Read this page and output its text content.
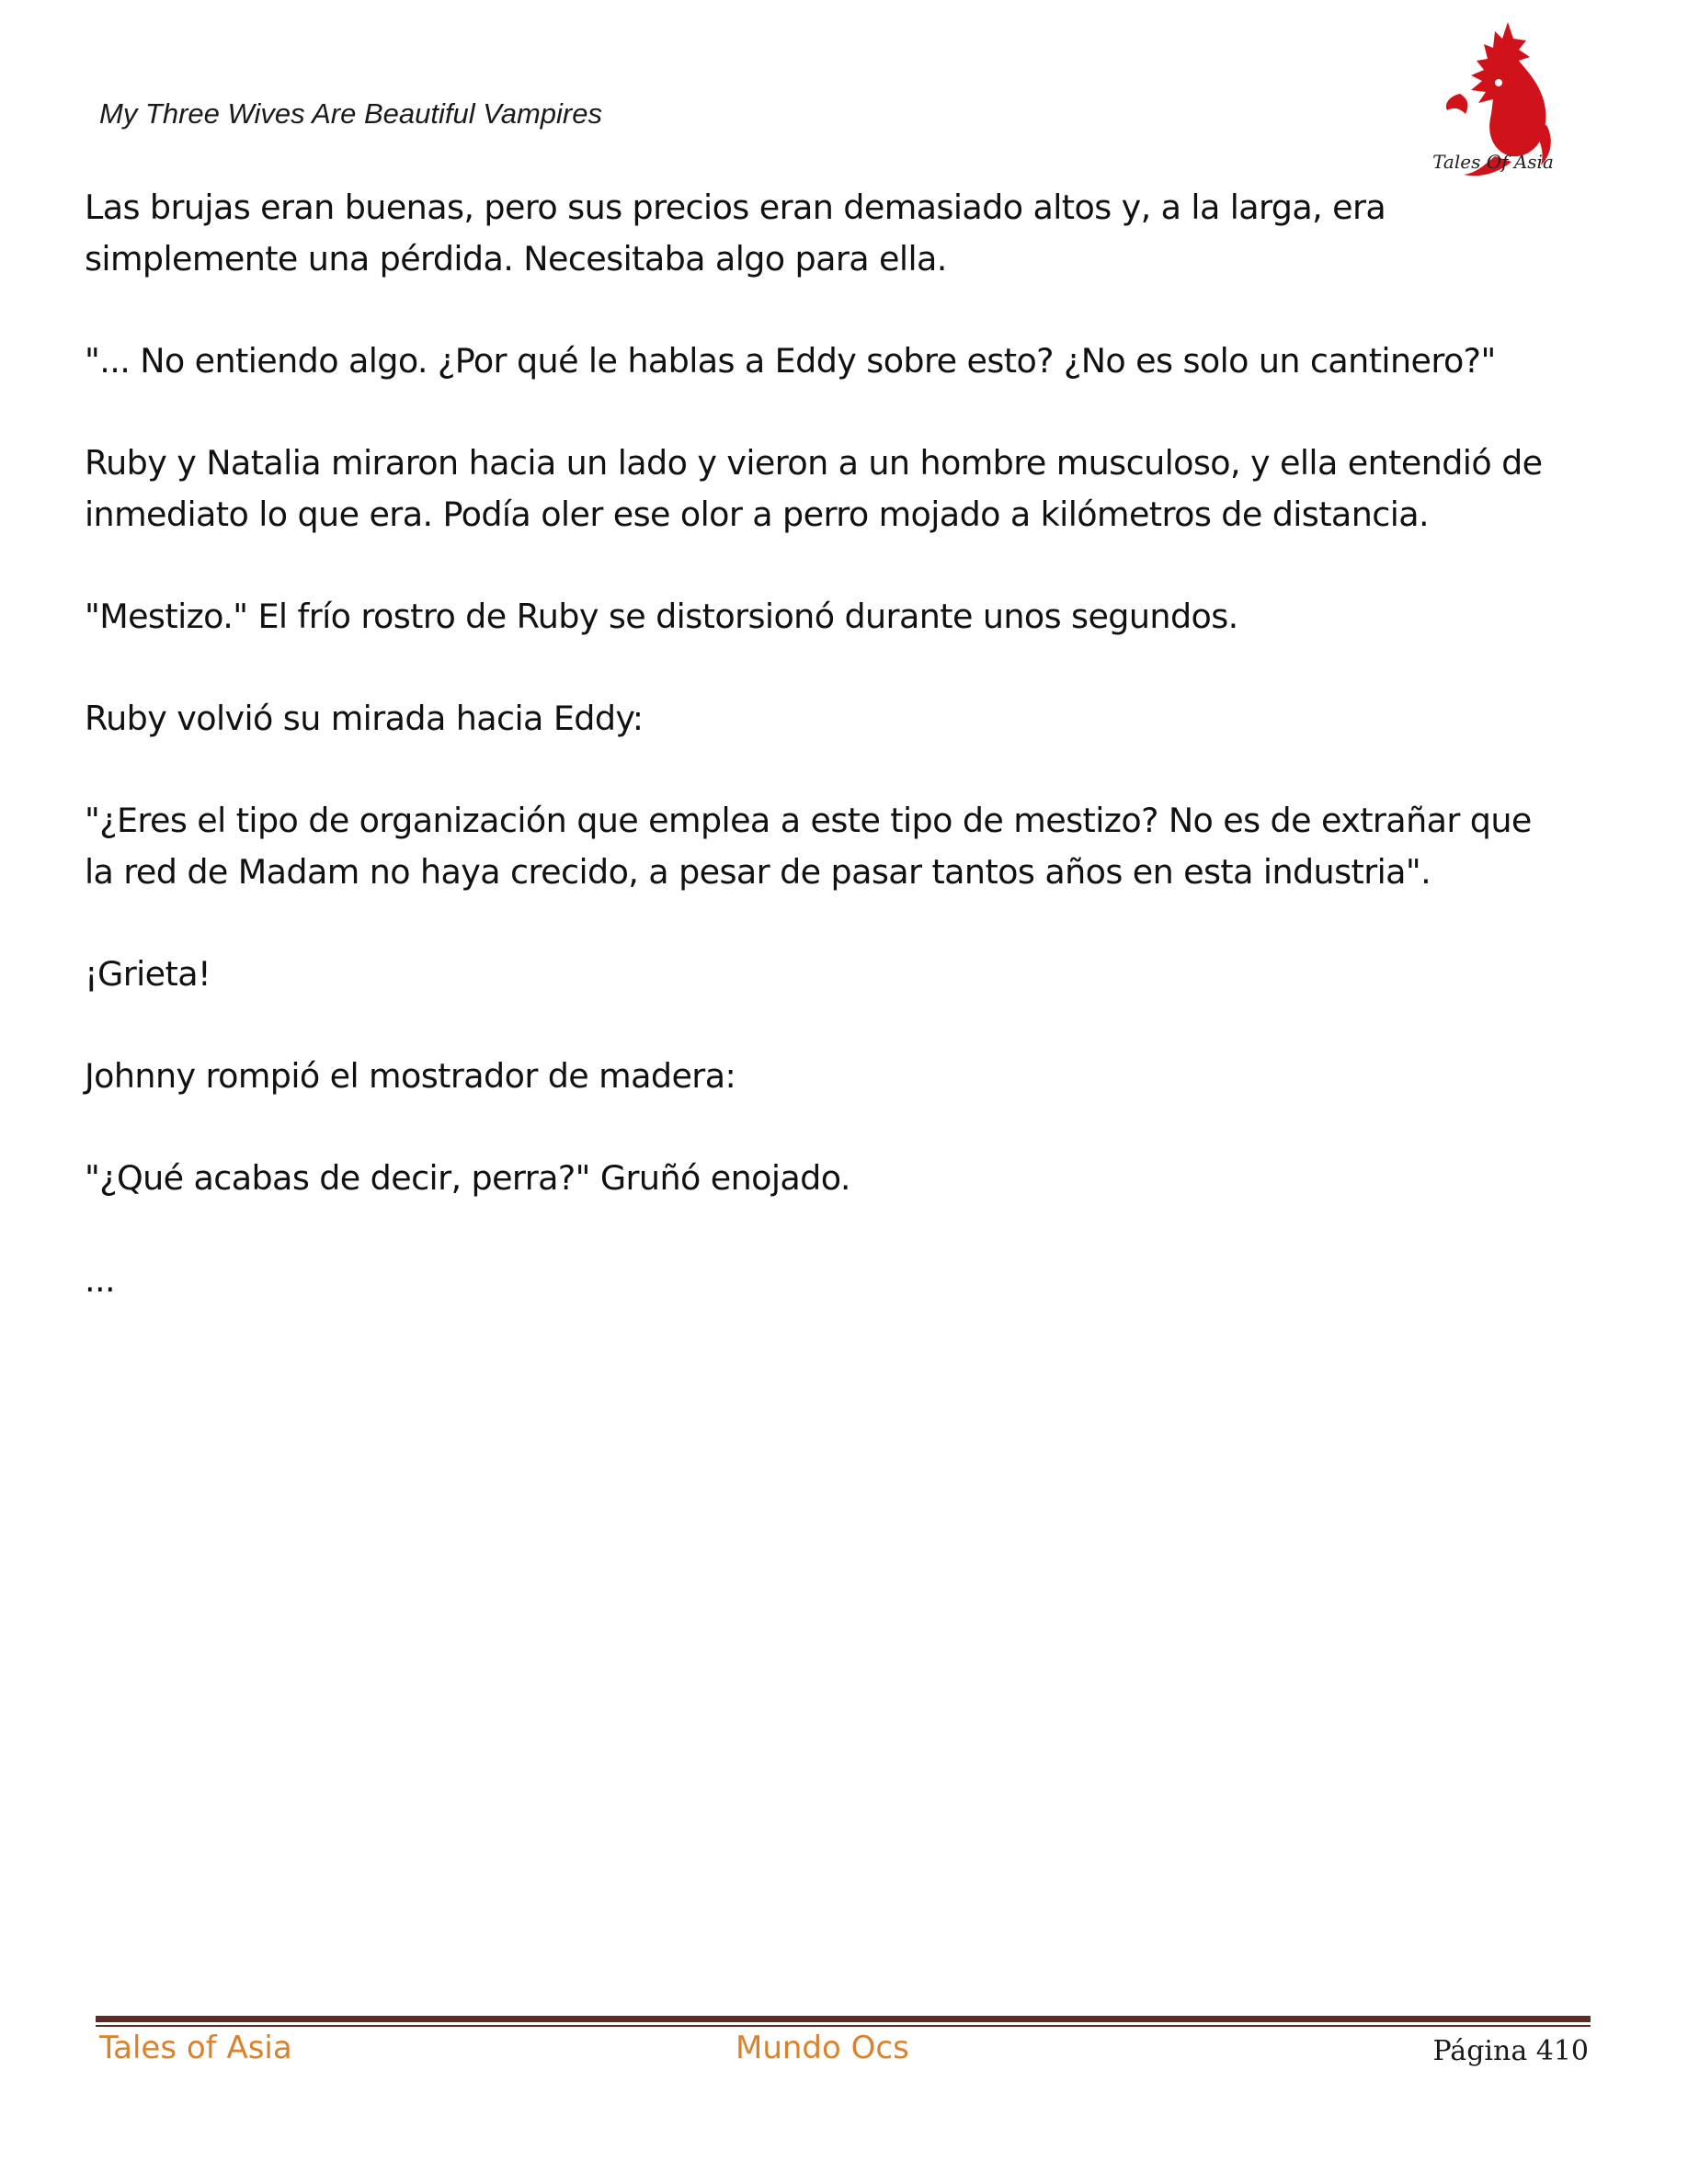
My Three Wives Are Beautiful Vampires
Tales Of Asia

Las brujas eran buenas, pero sus precios eran demasiado altos y, a la larga, era
simplemente una pérdida. Necesitaba algo para ella.

"... No entiendo algo. ¿Por qué le hablas a Eddy sobre esto? ¿No es solo un cantinero?"

Ruby y Natalia miraron hacia un lado y vieron a un hombre musculoso, y ella entendió de
inmediato lo que era. Podía oler ese olor a perro mojado a kilómetros de distancia.

"Mestizo." El frío rostro de Ruby se distorsionó durante unos segundos.

Ruby volvió su mirada hacia Eddy:

"¿Eres el tipo de organización que emplea a este tipo de mestizo? No es de extrañar que
la red de Madam no haya crecido, a pesar de pasar tantos años en esta industria".

¡Grieta!

Johnny rompió el mostrador de madera:

"¿Qué acabas de decir, perra?" Gruñó enojado.

...

Tales of Asia	Mundo Ocs	Página 410
